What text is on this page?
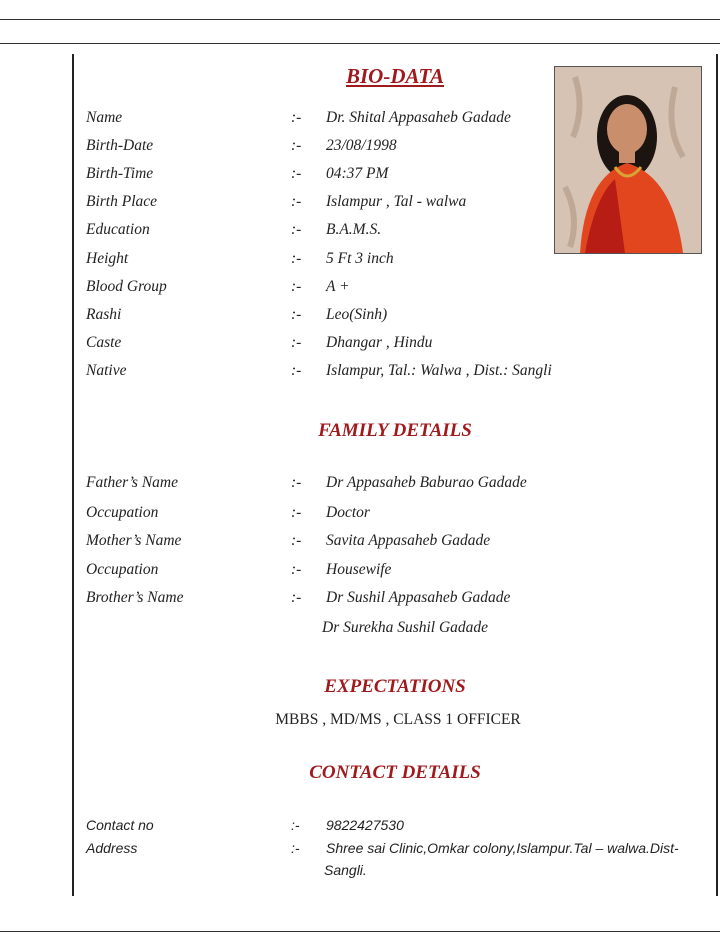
BIO-DATA
Name	:- Dr. Shital Appasaheb Gadade
Birth-Date	:- 23/08/1998
Birth-Time	:- 04:37 PM
Birth Place	:- Islampur , Tal - walwa
Education	:- B.A.M.S.
Height	:- 5 Ft 3 inch
Blood Group	:- A +
Rashi	:- Leo(Sinh)
Caste	:- Dhangar , Hindu
Native	:- Islampur, Tal.: Walwa , Dist.: Sangli
FAMILY DETAILS
Father’s Name	:- Dr Appasaheb Baburao Gadade
Occupation	:- Doctor
Mother’s Name	:- Savita Appasaheb Gadade
Occupation	:- Housewife
Brother’s Name	:- Dr Sushil Appasaheb Gadade
Dr Surekha Sushil Gadade
EXPECTATIONS
MBBS , MD/MS , CLASS 1 OFFICER
CONTACT DETAILS
Contact no	:- 9822427530
Address	:- Shree sai Clinic,Omkar colony,Islampur.Tal – walwa.Dist-
Sangli.
